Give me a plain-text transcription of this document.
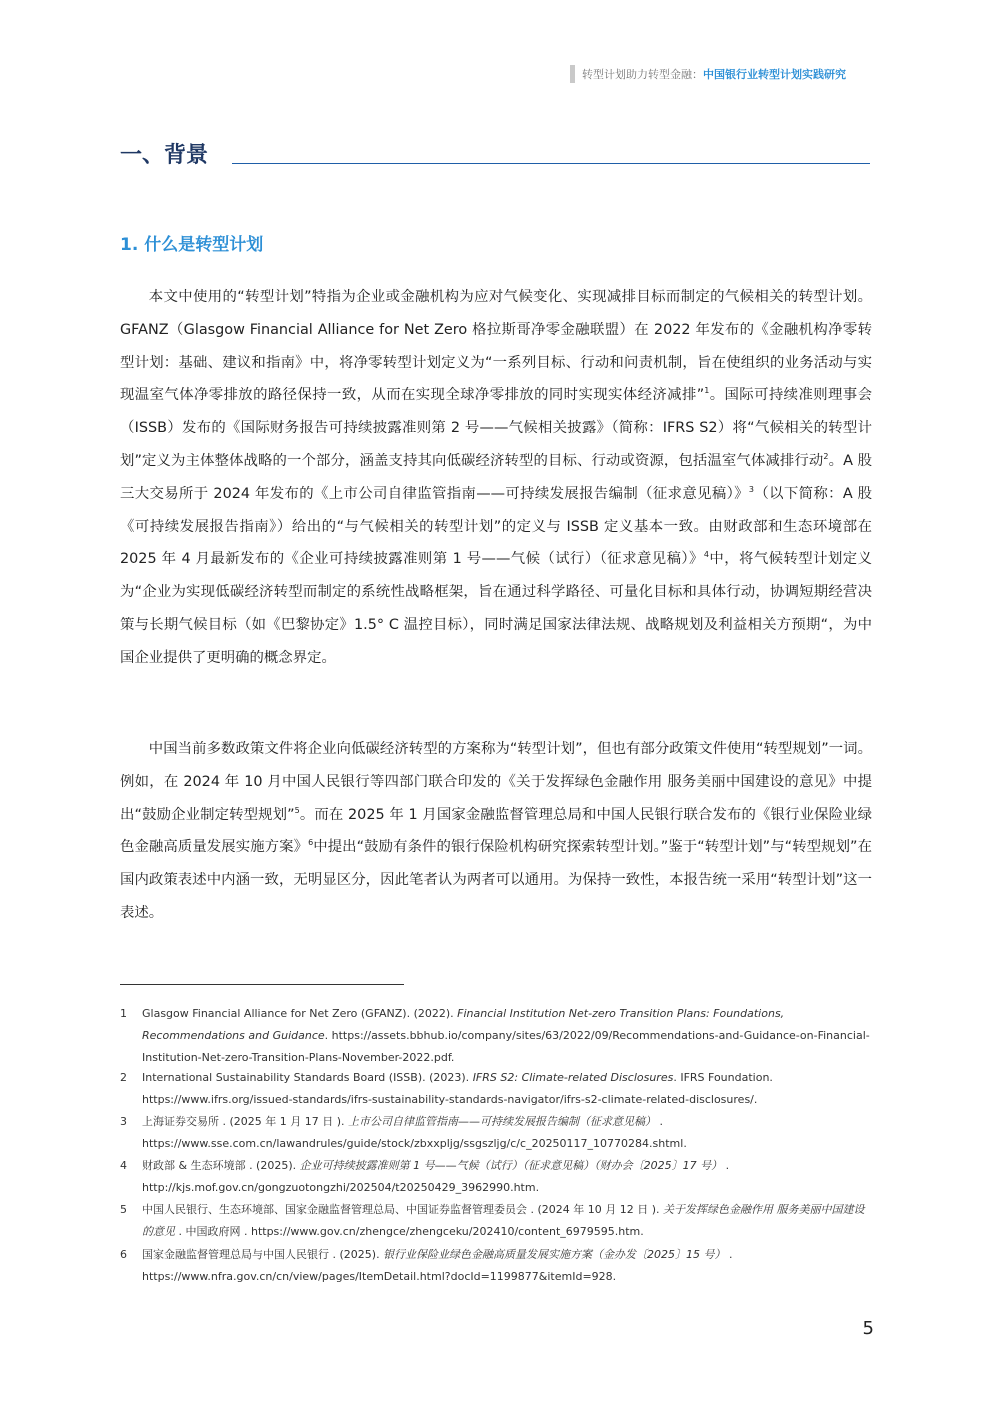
转型计划助力转型金融：中国银行业转型计划实践研究
一、背景
1. 什么是转型计划
本文中使用的“转型计划”特指为企业或金融机构为应对气候变化、实现减排目标而制定的气候相关的转型计划。GFANZ（Glasgow Financial Alliance for Net Zero 格拉斯哥净零金融联盟）在 2022 年发布的《金融机构净零转型计划：基础、建议和指南》中，将净零转型计划定义为“一系列目标、行动和问责机制，旨在使组织的业务活动与实现温室气体净零排放的路径保持一致，从而在实现全球净零排放的同时实现实体经济减排”$^1$。国际可持续准则理事会（ISSB）发布的《国际财务报告可持续披露准则第 2 号——气候相关披露》（简称：IFRS S2）将“气候相关的转型计划”定义为主体整体战略的一个部分，涵盖支持其向低碳经济转型的目标、行动或资源，包括温室气体减排行动$^2$。A 股三大交易所于 2024 年发布的《上市公司自律监管指南——可持续发展报告编制（征求意见稿）》$^3$（以下简称：A 股《可持续发展报告指南》）给出的“与气候相关的转型计划”的定义与 ISSB 定义基本一致。由财政部和生态环境部在 2025 年 4 月最新发布的《企业可持续披露准则第 1 号——气候（试行）（征求意见稿）》$^4$中，将气候转型计划定义为“企业为实现低碳经济转型而制定的系统性战略框架，旨在通过科学路径、可量化目标和具体行动，协调短期经营决策与长期气候目标（如《巴黎协定》1.5° C 温控目标），同时满足国家法律法规、战略规划及利益相关方预期“，为中国企业提供了更明确的概念界定。
中国当前多数政策文件将企业向低碳经济转型的方案称为“转型计划”，但也有部分政策文件使用“转型规划”一词。例如，在 2024 年 10 月中国人民银行等四部门联合印发的《关于发挥绿色金融作用 服务美丽中国建设的意见》中提出“鼓励企业制定转型规划”$^5$。而在 2025 年 1 月国家金融监督管理总局和中国人民银行联合发布的《银行业保险业绿色金融高质量发展实施方案》$^6$中提出“鼓励有条件的银行保险机构研究探索转型计划。”鉴于“转型计划”与“转型规划”在国内政策表述中内涵一致，无明显区分，因此笔者认为两者可以通用。为保持一致性，本报告统一采用“转型计划”这一表述。
1 Glasgow Financial Alliance for Net Zero (GFANZ). (2022). Financial Institution Net-zero Transition Plans: Foundations, Recommendations and Guidance. https://assets.bbhub.io/company/sites/63/2022/09/Recommendations-and-Guidance-on-Financial-Institution-Net-zero-Transition-Plans-November-2022.pdf.
2 International Sustainability Standards Board (ISSB). (2023). IFRS S2: Climate-related Disclosures. IFRS Foundation. https://www.ifrs.org/issued-standards/ifrs-sustainability-standards-navigator/ifrs-s2-climate-related-disclosures/.
3 上海证券交易所 . (2025 年 1 月 17 日 ). 上市公司自律监管指南——可持续发展报告编制（征求意见稿） . https://www.sse.com.cn/lawandrules/guide/stock/zbxxpljg/ssgszljg/c/c_20250117_10770284.shtml.
4 财政部 & 生态环境部 . (2025). 企业可持续披露准则第 1 号——气候（试行）（征求意见稿）（财办会〔2025〕17 号） . http://kjs.mof.gov.cn/gongzuotongzhi/202504/t20250429_3962990.htm.
5 中国人民银行、生态环境部、国家金融监督管理总局、中国证券监督管理委员会 . (2024 年 10 月 12 日 ). 关于发挥绿色金融作用 服务美丽中国建设的意见 . 中国政府网 . https://www.gov.cn/zhengce/zhengceku/202410/content_6979595.htm.
6 国家金融监督管理总局与中国人民银行 . (2025). 银行业保险业绿色金融高质量发展实施方案（金办发〔2025〕15 号） . https://www.nfra.gov.cn/cn/view/pages/ItemDetail.html?docId=1199877&itemId=928.
5
